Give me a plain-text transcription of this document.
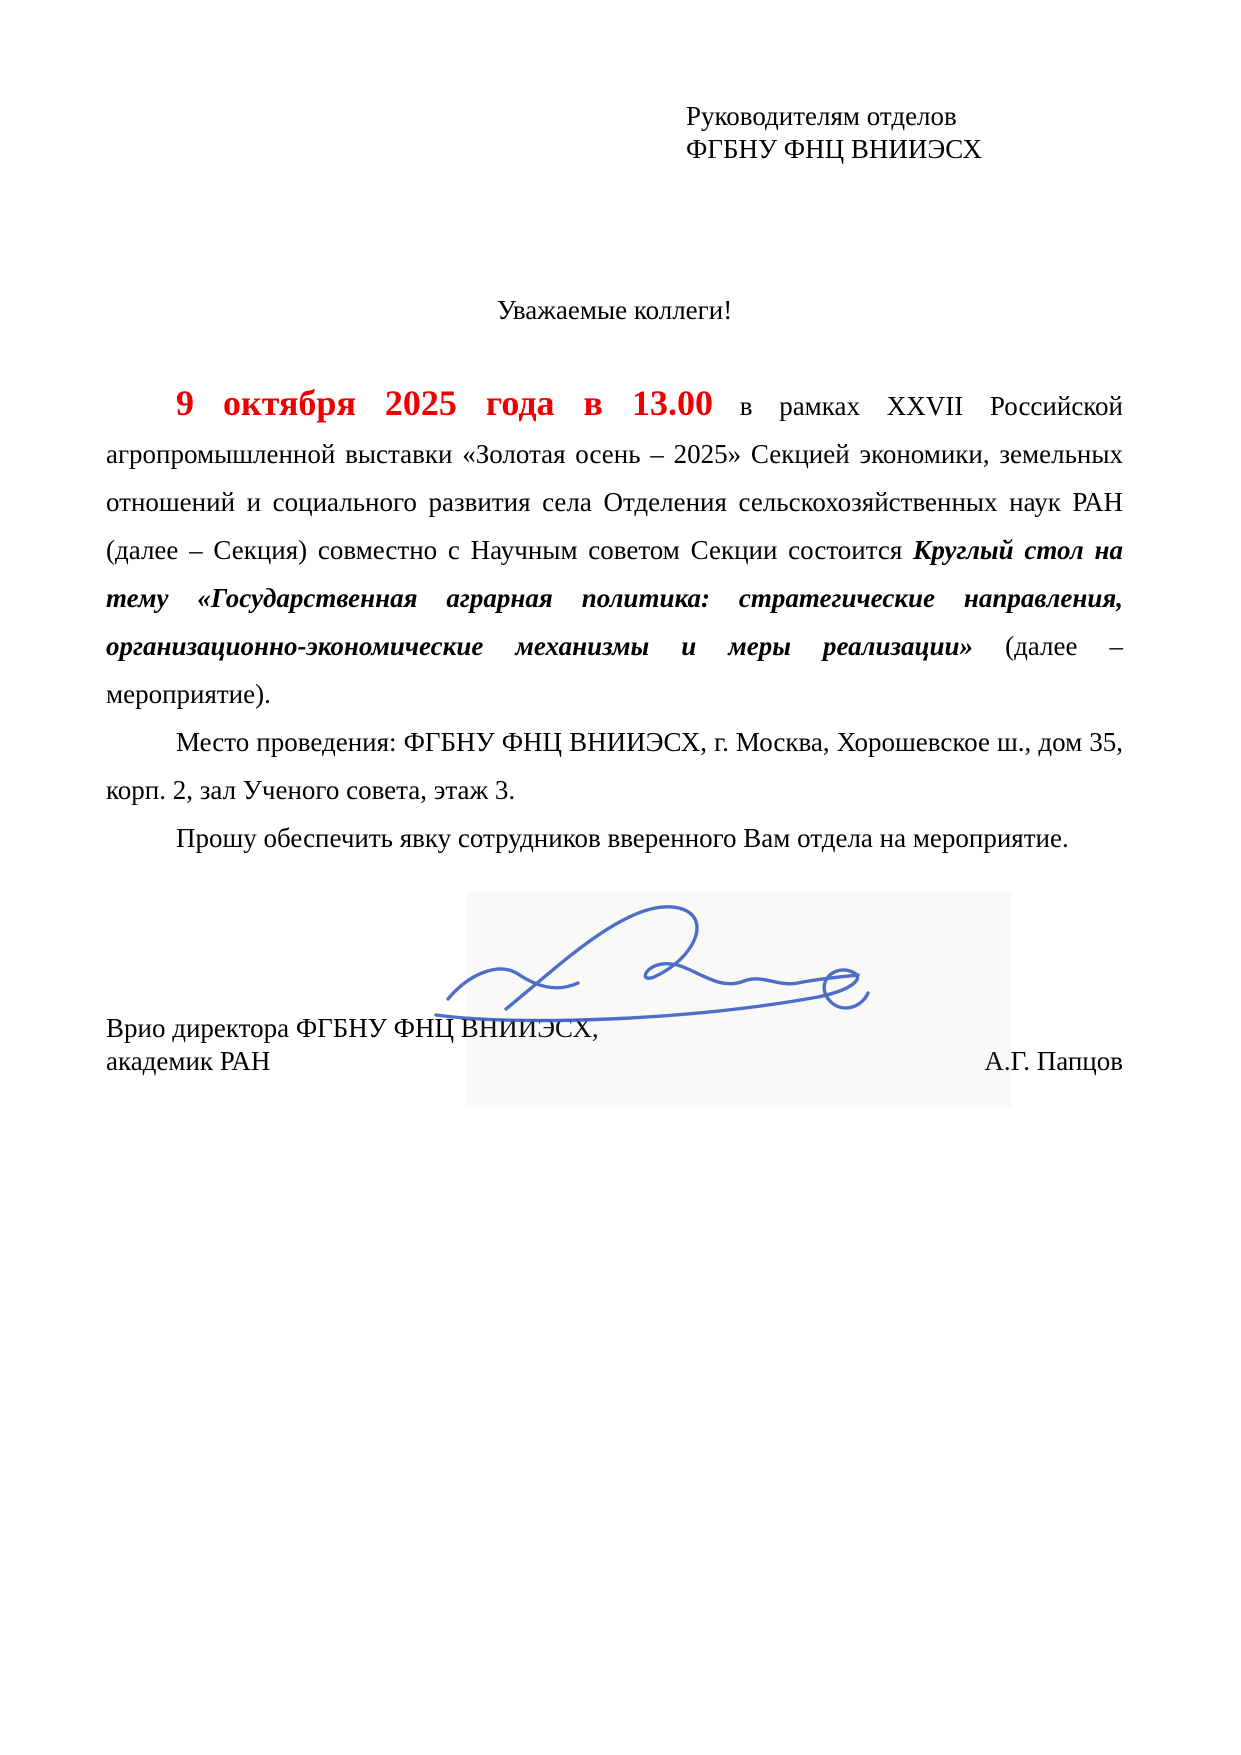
Руководителям отделов
ФГБНУ ФНЦ ВНИИЭСХ
Уважаемые коллеги!

9 октября 2025 года в 13.00 в рамках XXVII Российской агропромышленной выставки «Золотая осень – 2025» Секцией экономики, земельных отношений и социального развития села Отделения сельскохозяйственных наук РАН (далее – Секция) совместно с Научным советом Секции состоится Круглый стол на тему «Государственная аграрная политика: стратегические направления, организационно-экономические механизмы и меры реализации» (далее – мероприятие).

Место проведения: ФГБНУ ФНЦ ВНИИЭСХ, г. Москва, Хорошевское ш., дом 35, корп. 2, зал Ученого совета, этаж 3.

Прошу обеспечить явку сотрудников вверенного Вам отдела на мероприятие.

Врио директора ФГБНУ ФНЦ ВНИИЭСХ,
академик РАН	А.Г. Папцов
